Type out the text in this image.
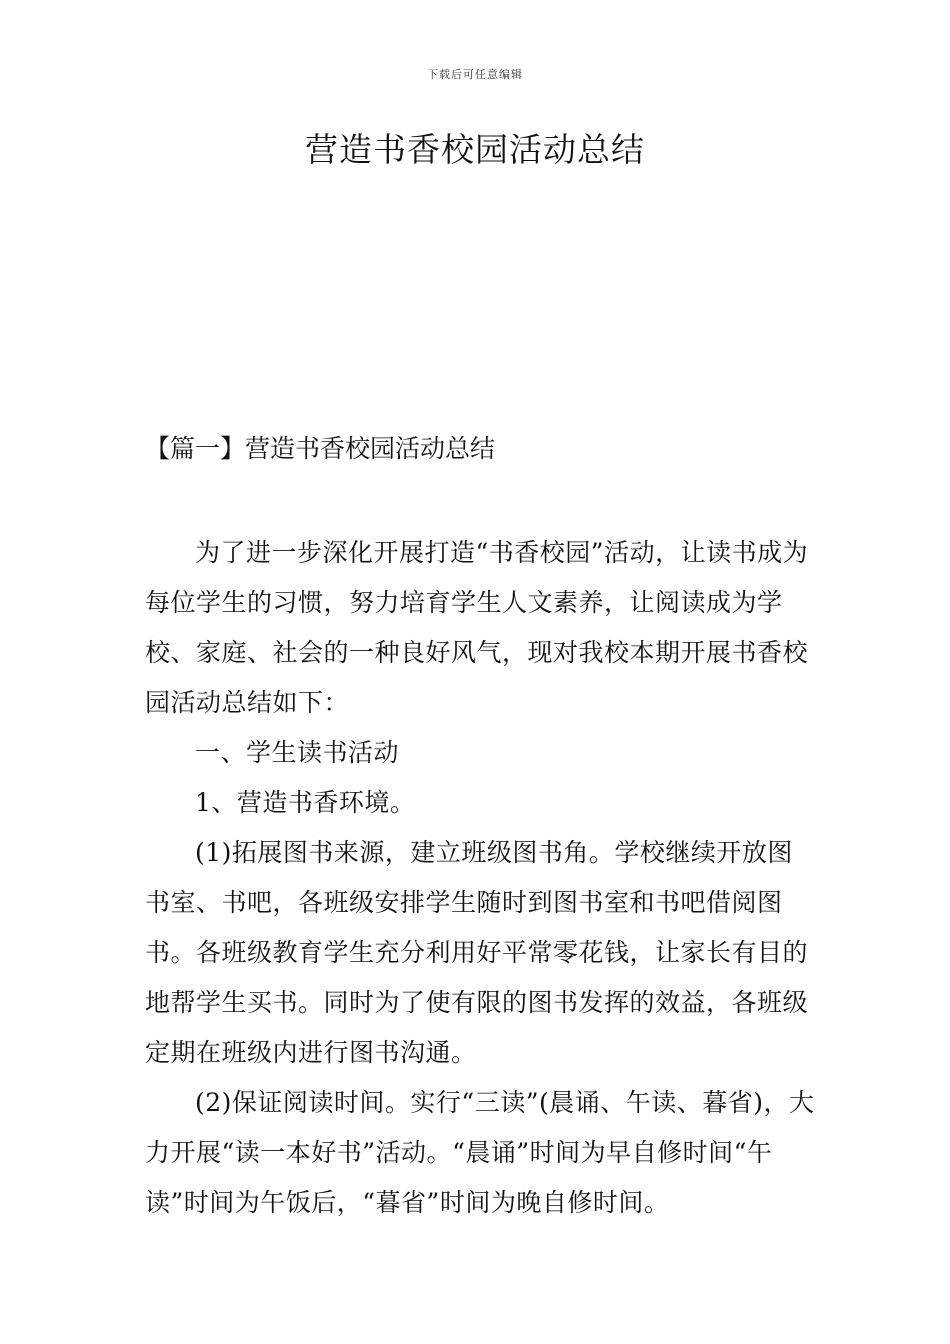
下载后可任意编辑
营造书香校园活动总结
【篇一】营造书香校园活动总结

为了进一步深化开展打造“书香校园”活动，让读书成为每位学生的习惯，努力培育学生人文素养，让阅读成为学校、家庭、社会的一种良好风气，现对我校本期开展书香校园活动总结如下：

一、学生读书活动

1、营造书香环境。

(1)拓展图书来源，建立班级图书角。学校继续开放图书室、书吧，各班级安排学生随时到图书室和书吧借阅图书。各班级教育学生充分利用好平常零花钱，让家长有目的地帮学生买书。同时为了使有限的图书发挥的效益，各班级定期在班级内进行图书沟通。

(2)保证阅读时间。实行“三读”(晨诵、午读、暮省)，大力开展“读一本好书”活动。“晨诵”时间为早自修时间“午读”时间为午饭后，“暮省”时间为晚自修时间。
